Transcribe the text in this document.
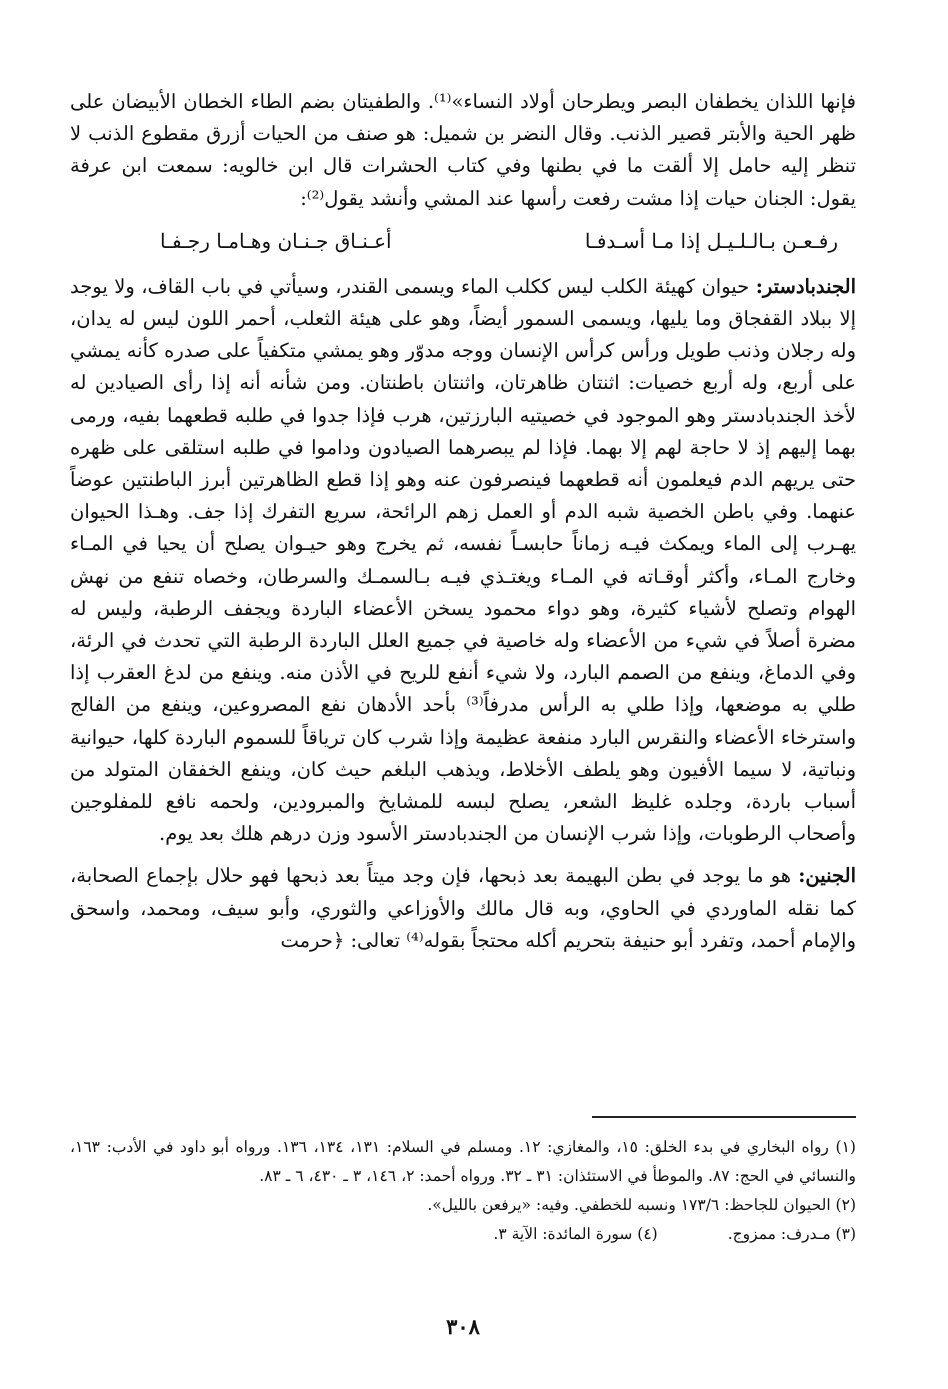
فإنها اللذان يخطفان البصر ويطرحان أولاد النساء»⁽¹⁾. والطفيتان بضم الطاء الخطان الأبيضان على ظهر الحية والأبتر قصير الذنب. وقال النضر بن شميل: هو صنف من الحيات أزرق مقطوع الذنب لا تنظر إليه حامل إلا ألقت ما في بطنها وفي كتاب الحشرات قال ابن خالويه: سمعت ابن عرفة يقول: الجنان حيات إذا مشت رفعت رأسها عند المشي وأنشد يقول⁽²⁾:

رفـعـن بـالـلـيـل إذا مـا أسـدفـا
أعـنـاق جـنـان وهـامـا رجـفـا

الجندبادستر: حيوان كهيئة الكلب ليس ككلب الماء ويسمى القندر، وسيأتي في باب القاف، ولا يوجد إلا ببلاد القفجاق وما يليها، ويسمى السمور أيضاً، وهو على هيئة الثعلب، أحمر اللون ليس له يدان، وله رجلان وذنب طويل ورأس كرأس الإنسان ووجه مدوّر وهو يمشي متكفياً على صدره كأنه يمشي على أربع، وله أربع خصيات: اثنتان ظاهرتان، واثنتان باطنتان. ومن شأنه أنه إذا رأى الصيادين له لأخذ الجندبادستر وهو الموجود في خصيتيه البارزتين، هرب فإذا جدوا في طلبه قطعهما بفيه، ورمى بهما إليهم إذ لا حاجة لهم إلا بهما. فإذا لم يبصرهما الصيادون وداموا في طلبه استلقى على ظهره حتى يريهم الدم فيعلمون أنه قطعهما فينصرفون عنه وهو إذا قطع الظاهرتين أبرز الباطنتين عوضاً عنهما. وفي باطن الخصية شبه الدم أو العمل زهم الرائحة، سريع التفرك إذا جف. وهـذا الحيوان يهـرب إلى الماء ويمكث فيـه زماناً حابسـاً نفسه، ثم يخرج وهو حيـوان يصلح أن يحيا في المـاء وخارج المـاء، وأكثر أوقـاته في المـاء ويغتـذي فيـه بـالسمـك والسرطان، وخصاه تنفع من نهش الهوام وتصلح لأشياء كثيرة، وهو دواء محمود يسخن الأعضاء الباردة ويجفف الرطبة، وليس له مضرة أصلاً في شيء من الأعضاء وله خاصية في جميع العلل الباردة الرطبة التي تحدث في الرئة، وفي الدماغ، وينفع من الصمم البارد، ولا شيء أنفع للريح في الأذن منه. وينفع من لدغ العقرب إذا طلي به موضعها، وإذا طلي به الرأس مدرفاً⁽³⁾ بأحد الأدهان نفع المصروعين، وينفع من الفالج واسترخاء الأعضاء والنقرس البارد منفعة عظيمة وإذا شرب كان ترياقاً للسموم الباردة كلها، حيوانية ونباتية، لا سيما الأفيون وهو يلطف الأخلاط، ويذهب البلغم حيث كان، وينفع الخفقان المتولد من أسباب باردة، وجلده غليظ الشعر، يصلح لبسه للمشايخ والمبرودين، ولحمه نافع للمفلوجين وأصحاب الرطوبات، وإذا شرب الإنسان من الجندبادستر الأسود وزن درهم هلك بعد يوم.

الجنين: هو ما يوجد في بطن البهيمة بعد ذبحها، فإن وجد ميتاً بعد ذبحها فهو حلال بإجماع الصحابة، كما نقله الماوردي في الحاوي، وبه قال مالك والأوزاعي والثوري، وأبو سيف، ومحمد، واسحق والإمام أحمد، وتفرد أبو حنيفة بتحريم أكله محتجاً بقوله⁽⁴⁾ تعالى: ﴿حرمت

(١) رواه البخاري في بدء الخلق: ١٥، والمغازي: ١٢. ومسلم في السلام: ١٣١، ١٣٤، ١٣٦. ورواه أبو داود في الأدب: ١٦٣، والنسائي في الحج: ٨٧. والموطأ في الاستئذان: ٣١ ـ ٣٢. ورواه أحمد: ٢، ١٤٦، ٣ ـ ٤٣٠، ٦ ـ ٨٣.

(٢) الحيوان للجاحظ: ١٧٣/٦ ونسبه للخطفي. وفيه: «يرفعن بالليل».

(٣) مـدرف: ممزوج.
(٤) سورة المائدة: الآية ٣.
٣٠٨
